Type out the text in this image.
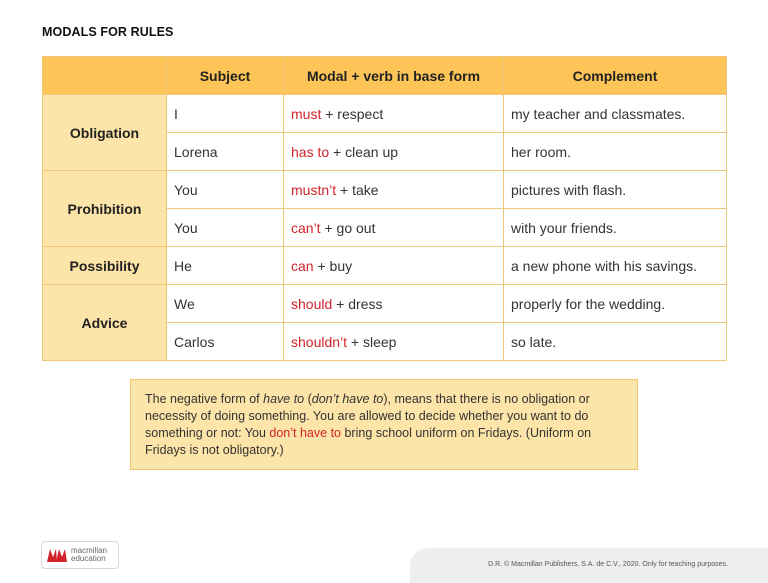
MODALS FOR RULES
	Subject	Modal + verb in base form	Complement
Obligation	I	must + respect	my teacher and classmates.
	Lorena	has to + clean up	her room.
Prohibition	You	mustn’t + take	pictures with flash.
	You	can’t + go out	with your friends.
Possibility	He	can + buy	a new phone with his savings.
Advice	We	should + dress	properly for the wedding.
	Carlos	shouldn’t + sleep	so late.
The negative form of have to (don’t have to), means that there is no obligation or necessity of doing something. You are allowed to decide whether you want to do something or not: You don’t have to bring school uniform on Fridays. (Uniform on Fridays is not obligatory.)
macmillan
education
D.R. © Macmillan Publishers, S.A. de C.V., 2020. Only for teaching purposes.
